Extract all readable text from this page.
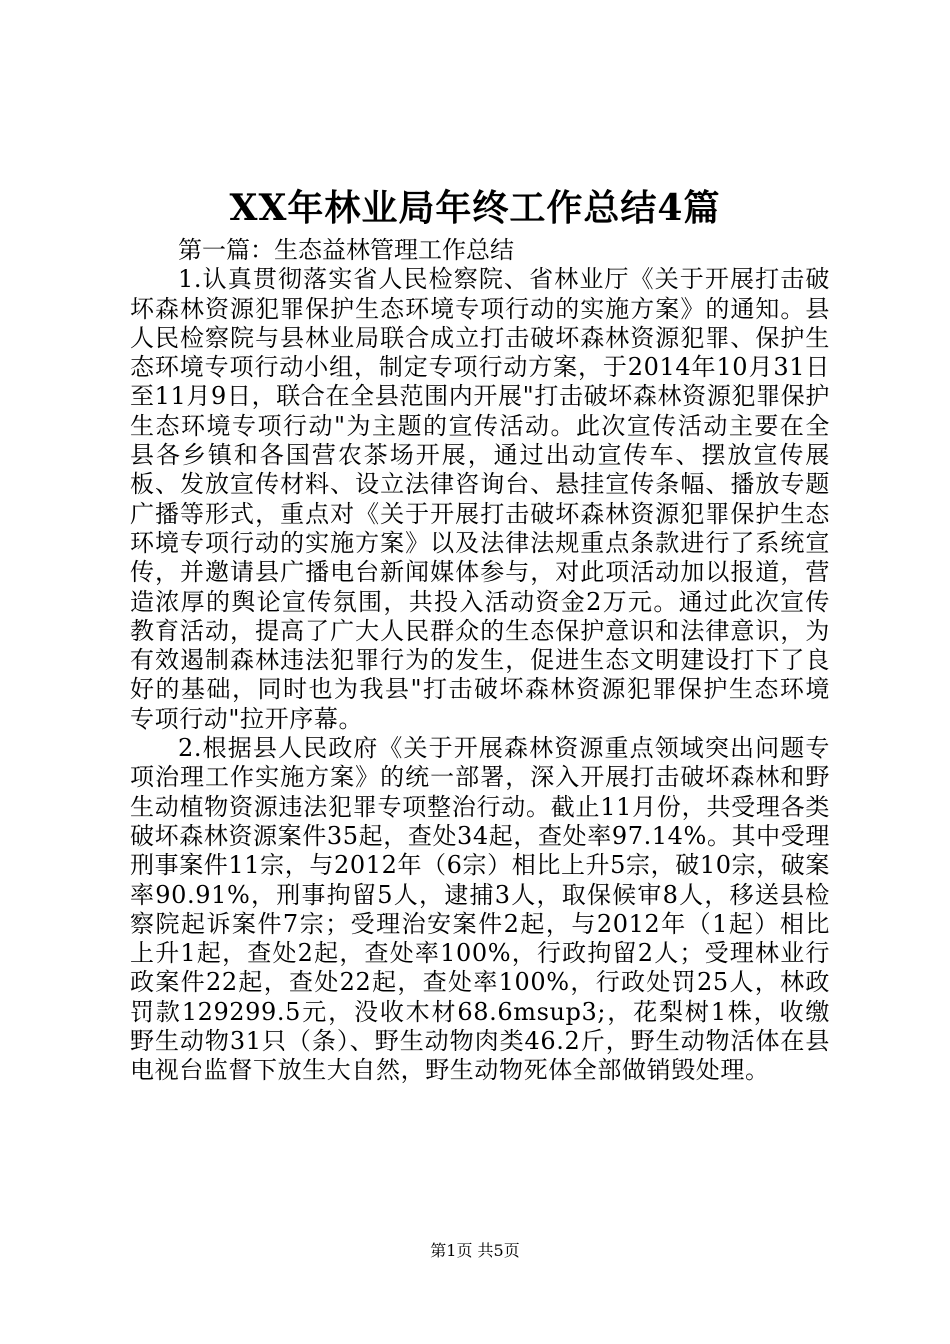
XX年林业局年终工作总结4篇

第一篇：生态益林管理工作总结

1.认真贯彻落实省人民检察院、省林业厅《关于开展打击破坏森林资源犯罪保护生态环境专项行动的实施方案》的通知。县人民检察院与县林业局联合成立打击破坏森林资源犯罪、保护生态环境专项行动小组，制定专项行动方案，于2014年10月31日至11月9日，联合在全县范围内开展"打击破坏森林资源犯罪保护生态环境专项行动"为主题的宣传活动。此次宣传活动主要在全县各乡镇和各国营农茶场开展，通过出动宣传车、摆放宣传展板、发放宣传材料、设立法律咨询台、悬挂宣传条幅、播放专题广播等形式，重点对《关于开展打击破坏森林资源犯罪保护生态环境专项行动的实施方案》以及法律法规重点条款进行了系统宣传，并邀请县广播电台新闻媒体参与，对此项活动加以报道，营造浓厚的舆论宣传氛围，共投入活动资金2万元。通过此次宣传教育活动，提高了广大人民群众的生态保护意识和法律意识，为有效遏制森林违法犯罪行为的发生，促进生态文明建设打下了良好的基础，同时也为我县"打击破坏森林资源犯罪保护生态环境专项行动"拉开序幕。

2.根据县人民政府《关于开展森林资源重点领域突出问题专项治理工作实施方案》的统一部署，深入开展打击破坏森林和野生动植物资源违法犯罪专项整治行动。截止11月份，共受理各类破坏森林资源案件35起，查处34起，查处率97.14%。其中受理刑事案件11宗，与2012年（6宗）相比上升5宗，破10宗，破案率90.91%，刑事拘留5人，逮捕3人，取保候审8人，移送县检察院起诉案件7宗；受理治安案件2起，与2012年（1起）相比上升1起，查处2起，查处率100%，行政拘留2人；受理林业行政案件22起，查处22起，查处率100%，行政处罚25人，林政罚款129299.5元，没收木材68.6msup3;，花梨树1株，收缴野生动物31只（条）、野生动物肉类46.2斤，野生动物活体在县电视台监督下放生大自然，野生动物死体全部做销毁处理。

第1页 共5页
